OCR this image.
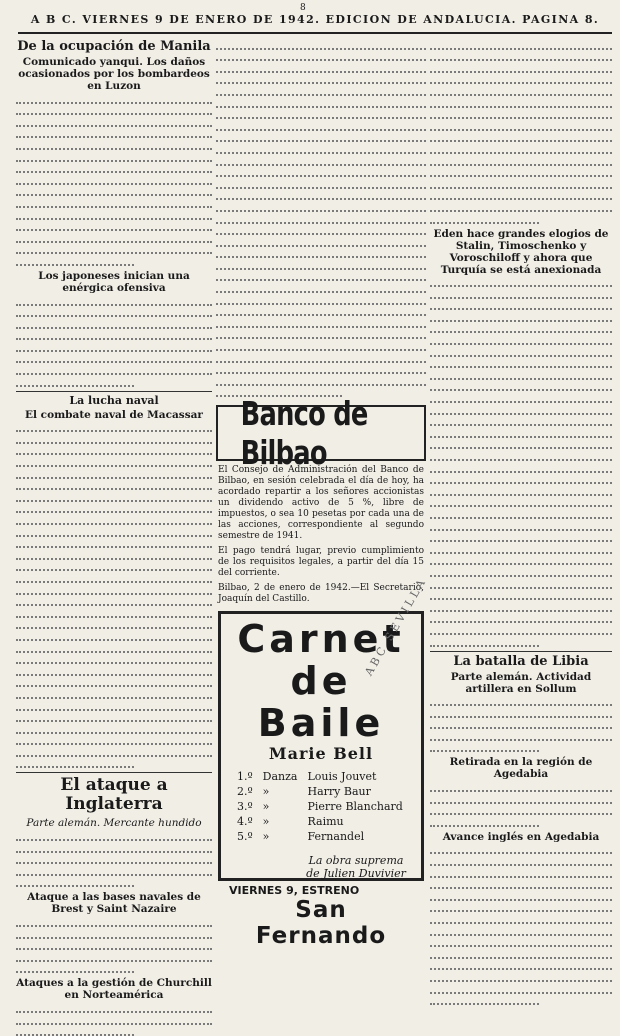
8
A B C. VIERNES 9 DE ENERO DE 1942. EDICION DE ANDALUCIA. PAGINA 8.
De la ocupación de Manila
Comunicado yanqui. Los daños ocasionados por los bombardeos en Luzon
Los japoneses inician una enérgica ofensiva
La lucha naval
El combate naval de Macassar
El ataque a Inglaterra
Parte alemán. Mercante hundido
Ataque a las bases navales de Brest y Saint Nazaire
Ataques a la gestión de Churchill en Norteamérica
Banco de Bilbao
El Consejo de Administración del Banco de Bilbao, en sesión celebrada el día de hoy, ha acordado repartir a los señores accionistas un dividendo activo de 5 %, libre de impuestos, o sea 10 pesetas por cada una de las acciones, correspondiente al segundo semestre de 1941.
El pago tendrá lugar, previo cumplimiento de los requisitos legales, a partir del día 15 del corriente.
Bilbao, 2 de enero de 1942.—El Secretario, Joaquín del Castillo.
Carnet
de Baile
Marie Bell
1.º
2.º
3.º
4.º
5.º
Danza
»
»
»
»
Louis Jouvet
Harry Baur
Pierre Blanchard
Raimu
Fernandel
La obra suprema
de Julien Duvivier
VIERNES 9, ESTRENO
San Fernando
Eden hace grandes elogios de Stalin, Timoschenko y Voroschiloff y ahora que Turquía se está anexionada
La batalla de Libia
Parte alemán. Actividad artillera en Sollum
Retirada en la región de Agedabia
Avance inglés en Agedabia
ABC SEVILLA
